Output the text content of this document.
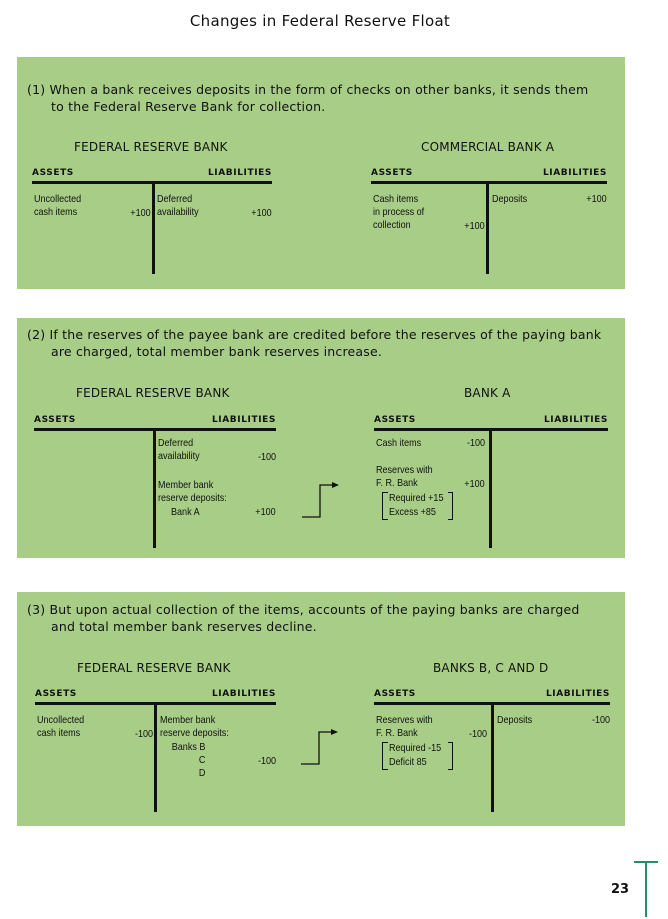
Changes in Federal Reserve Float
(1) When a bank receives deposits in the form of checks on other banks, it sends them
to the Federal Reserve Bank for collection.
FEDERAL RESERVE BANK	COMMERCIAL BANK A
ASSETS	LIABILITIES
Uncollected
cash items	+100
Deferred
availability	+100
ASSETS	LIABILITIES
Cash items
in process of
collection	+100
Deposits	+100
(2) If the reserves of the payee bank are credited before the reserves of the paying bank
are charged, total member bank reserves increase.
FEDERAL RESERVE BANK	BANK A
ASSETS	LIABILITIES
Deferred
availability	-100
Member bank
reserve deposits:
Bank A	+100
ASSETS	LIABILITIES
Cash items	-100
Reserves with
F. R. Bank	+100
Required +15
Excess +85
(3) But upon actual collection of the items, accounts of the paying banks are charged
and total member bank reserves decline.
FEDERAL RESERVE BANK	BANKS B, C AND D
ASSETS	LIABILITIES
Uncollected
cash items	-100
Member bank
reserve deposits:
Banks B
C
D
-100
ASSETS	LIABILITIES
Reserves with
F. R. Bank	-100
Required -15
Deficit 85
Deposits	-100
23
